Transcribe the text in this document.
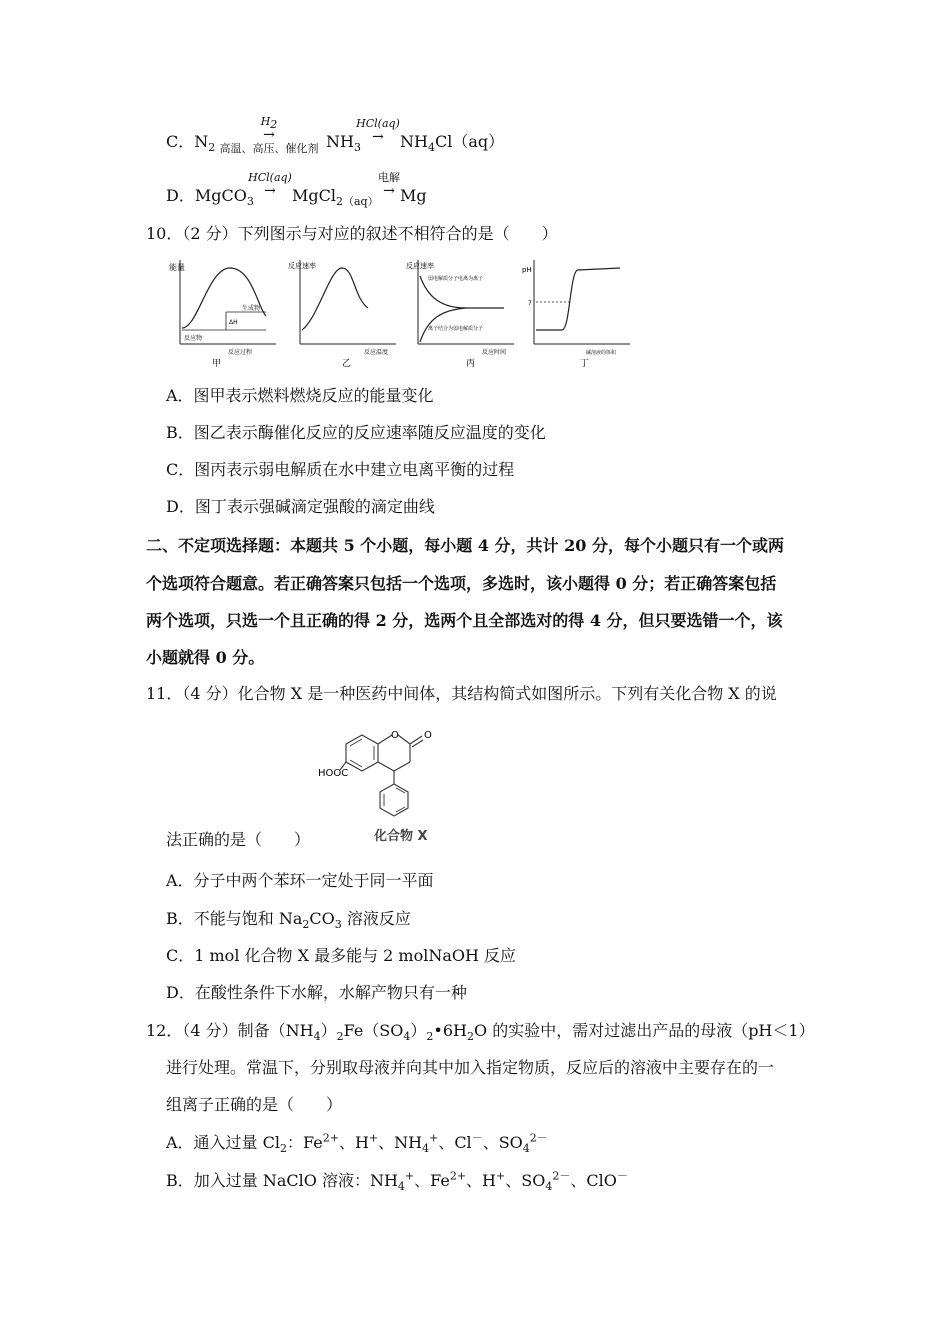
C．$N_2$
$H_2$
→
高温、高压、催化剂 $NH_3$
HCl(aq)
→	$NH_4Cl(aq)$
D．MgCO$_3$
HCl(aq)
→	MgCl$_{2(aq)}$
电解
→ Mg
10．（2 分）下列图示与对应的叙述不相符合的是（　　）
能量
反应物
生成物
ΔH
反应过程
甲
反应速率
反应温度
乙
反应速率
弱电解质分子电离为离子
离子结合为弱电解质分子
反应时间
丙
pH
7
碱溶液的体积
丁
A．图甲表示燃料燃烧反应的能量变化
B．图乙表示酶催化反应的反应速率随反应温度的变化
C．图丙表示弱电解质在水中建立电离平衡的过程
D．图丁表示强碱滴定强酸的滴定曲线
二、不定项选择题：本题共 5 个小题，每小题 4 分，共计 20 分，每个小题只有一个或两
个选项符合题意。若正确答案只包括一个选项，多选时，该小题得 0 分；若正确答案包括
两个选项，只选一个且正确的得 2 分，选两个且全部选对的得 4 分，但只要选错一个，该
小题就得 0 分。
11．（4 分）化合物 X 是一种医药中间体，其结构简式如图所示。下列有关化合物 X 的说
O	O
HOOC
化合物 X
法正确的是（　　）
A．分子中两个苯环一定处于同一平面
B．不能与饱和 $Na_2CO_3$ 溶液反应
C．1 mol 化合物 X 最多能与 2 molNaOH 反应
D．在酸性条件下水解，水解产物只有一种
12．（4 分）制备$(NH_4)_2Fe(SO_4)_2•6H_2O$ 的实验中，需对过滤出产品的母液（pH＜1）
进行处理。常温下，分别取母液并向其中加入指定物质，反应后的溶液中主要存在的一
组离子正确的是（　　）
A．通入过量 $Cl_2$：$Fe^{2+}$、H+、$NH_4^+$、Cl－、$SO_4^{2-}$
B．加入过量 NaClO 溶液：$NH_4^+$、$Fe^{2+}$、H+、$SO_4^{2-}$、ClO－
